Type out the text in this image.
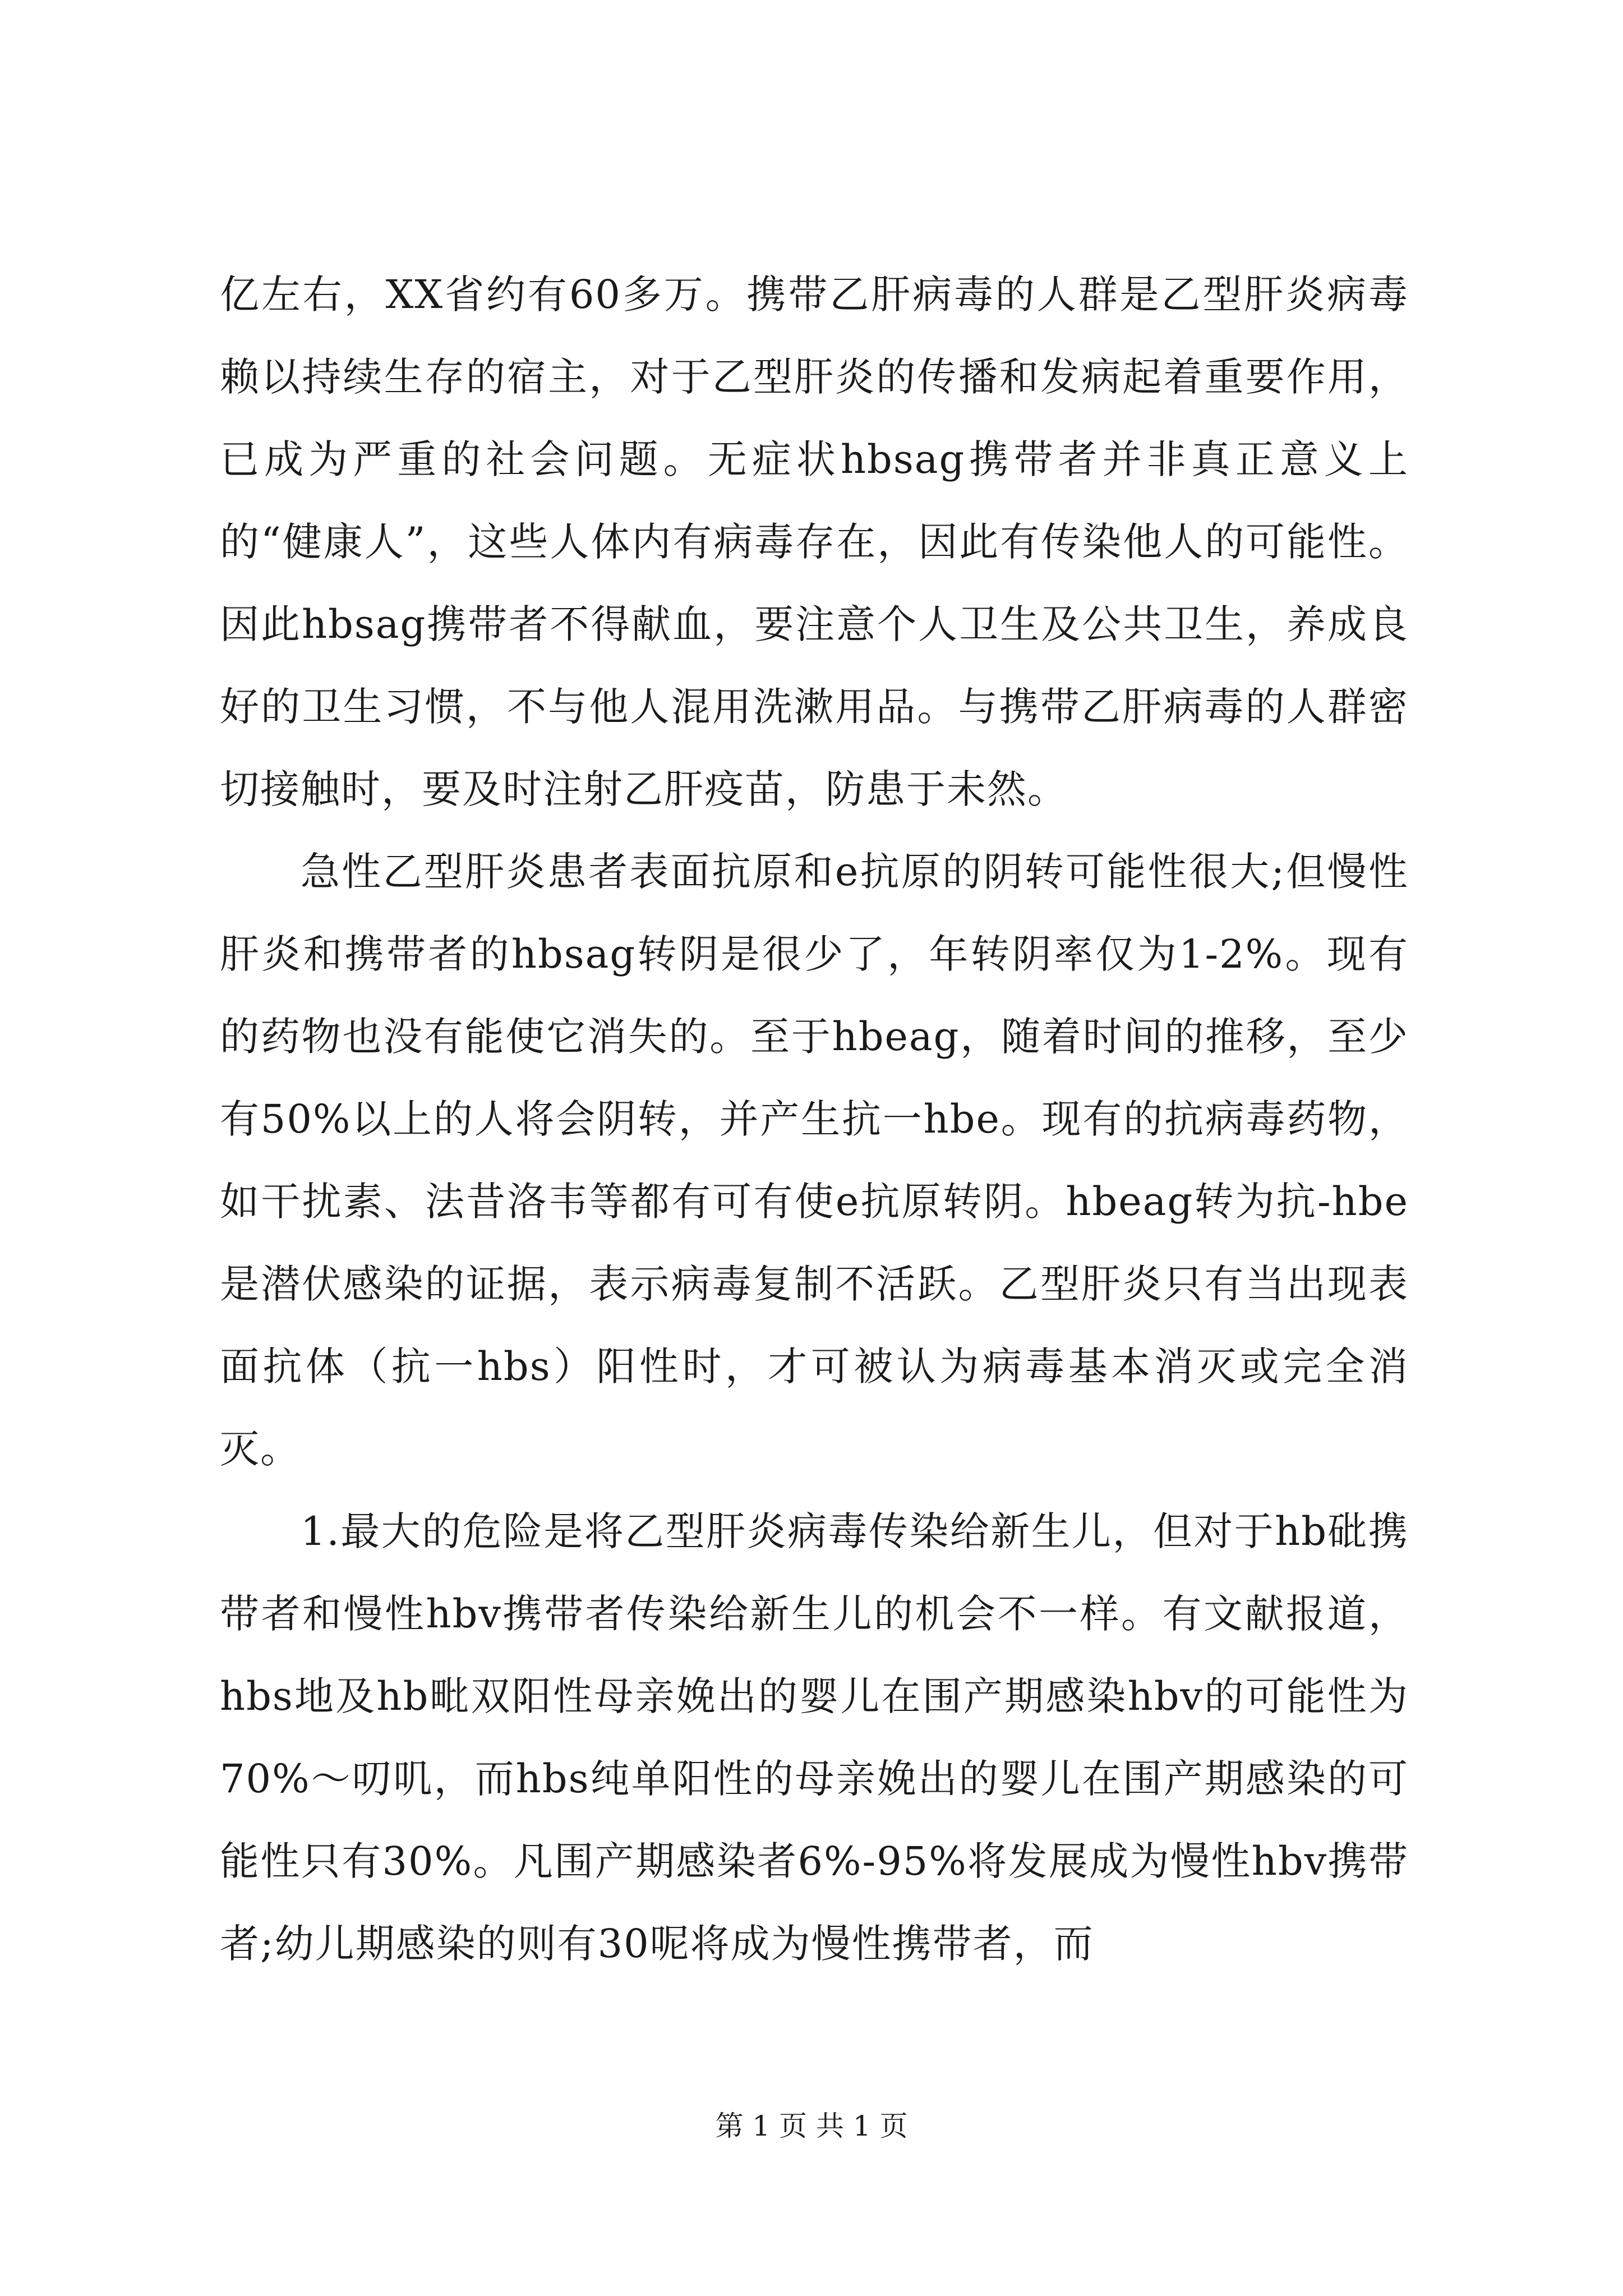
亿左右，XX省约有60多万。携带乙肝病毒的人群是乙型肝炎病毒赖以持续生存的宿主，对于乙型肝炎的传播和发病起着重要作用，已成为严重的社会问题。无症状hbsag携带者并非真正意义上的“健康人”，这些人体内有病毒存在，因此有传染他人的可能性。因此hbsag携带者不得献血，要注意个人卫生及公共卫生，养成良好的卫生习惯，不与他人混用洗漱用品。与携带乙肝病毒的人群密切接触时，要及时注射乙肝疫苗，防患于未然。

急性乙型肝炎患者表面抗原和e抗原的阴转可能性很大;但慢性肝炎和携带者的hbsag转阴是很少了，年转阴率仅为1-2%。现有的药物也没有能使它消失的。至于hbeag，随着时间的推移，至少有50%以上的人将会阴转，并产生抗一hbe。现有的抗病毒药物，如干扰素、法昔洛韦等都有可有使e抗原转阴。hbeag转为抗-hbe是潜伏感染的证据，表示病毒复制不活跃。乙型肝炎只有当出现表面抗体（抗一hbs）阳性时，才可被认为病毒基本消灭或完全消灭。

1.最大的危险是将乙型肝炎病毒传染给新生儿，但对于hb砒携带者和慢性hbv携带者传染给新生儿的机会不一样。有文献报道，hbs地及hb毗双阳性母亲娩出的婴儿在围产期感染hbv的可能性为70%～叨叽，而hbs纯单阳性的母亲娩出的婴儿在围产期感染的可能性只有30%。凡围产期感染者6%-95%将发展成为慢性hbv携带者;幼儿期感染的则有30呢将成为慢性携带者，而

第 1 页 共 1 页
